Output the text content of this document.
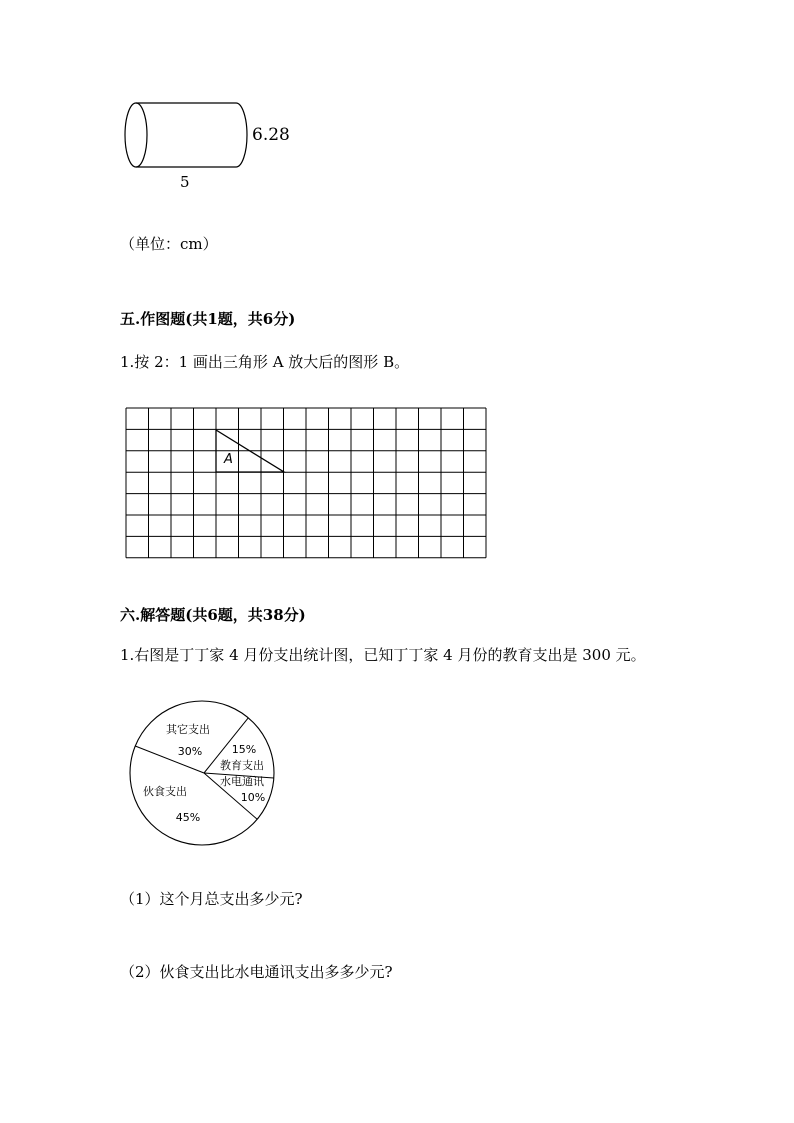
6.28
5
（单位：cm）
五.作图题(共1题，共6分)
1.按 2：1 画出三角形 A 放大后的图形 B。
A
六.解答题(共6题，共38分)
1.右图是丁丁家 4 月份支出统计图，已知丁丁家 4 月份的教育支出是 300 元。
其它支出
30%	15%
教育支出
水电通讯
10%
伙食支出
45%
（1）这个月总支出多少元?
（2）伙食支出比水电通讯支出多多少元?
